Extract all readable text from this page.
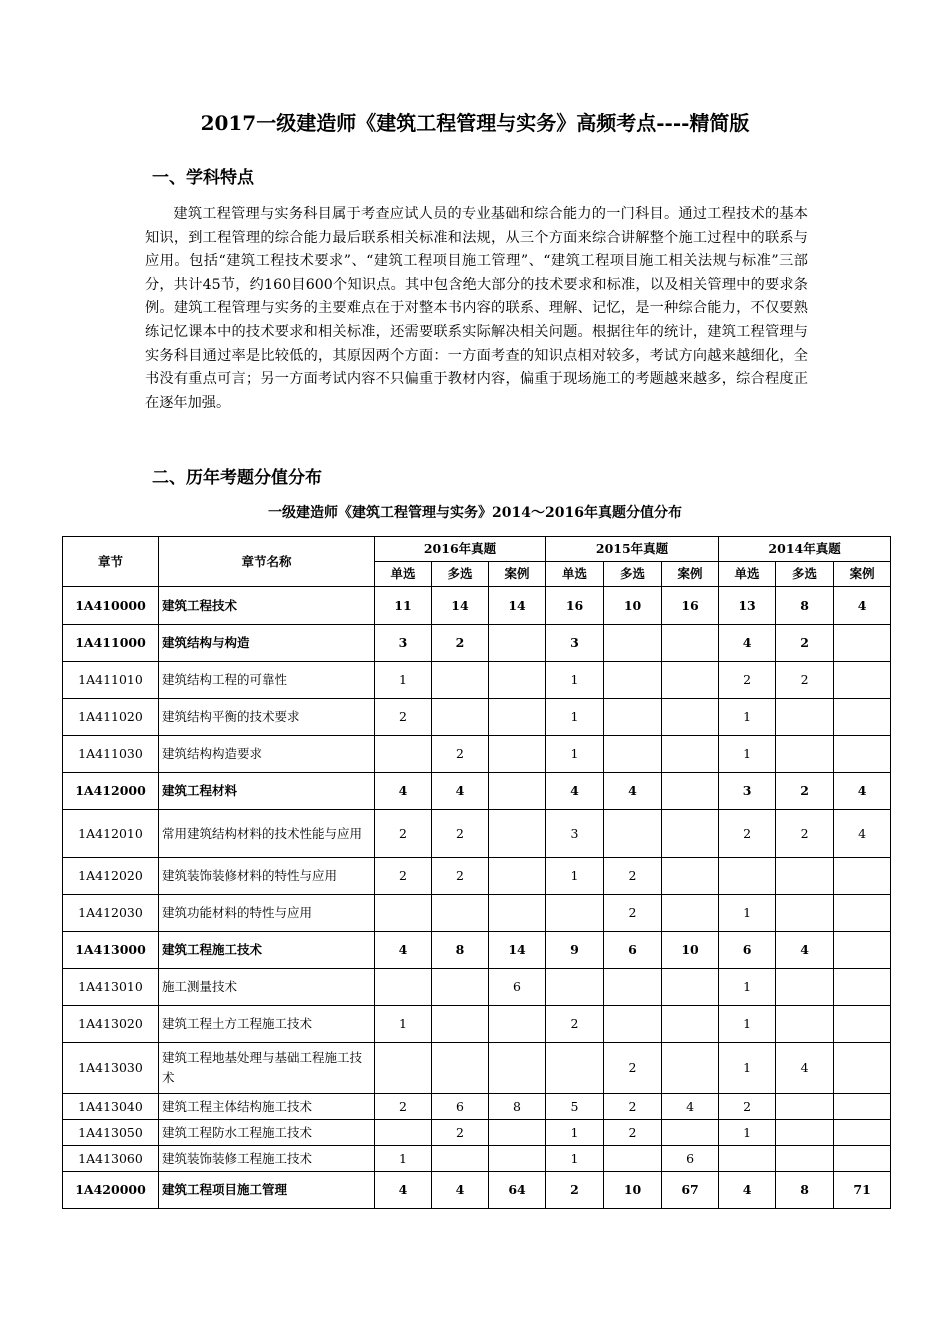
2017一级建造师《建筑工程管理与实务》高频考点----精简版
一、学科特点
建筑工程管理与实务科目属于考查应试人员的专业基础和综合能力的一门科目。通过工程技术的基本知识，到工程管理的综合能力最后联系相关标准和法规，从三个方面来综合讲解整个施工过程中的联系与应用。包括“建筑工程技术要求”、“建筑工程项目施工管理”、“建筑工程项目施工相关法规与标准”三部分，共计45节，约160目600个知识点。其中包含绝大部分的技术要求和标准，以及相关管理中的要求条例。建筑工程管理与实务的主要难点在于对整本书内容的联系、理解、记忆，是一种综合能力，不仅要熟练记忆课本中的技术要求和相关标准，还需要联系实际解决相关问题。根据往年的统计，建筑工程管理与实务科目通过率是比较低的，其原因两个方面：一方面考查的知识点相对较多，考试方向越来越细化，全书没有重点可言；另一方面考试内容不只偏重于教材内容，偏重于现场施工的考题越来越多，综合程度正在逐年加强。
二、历年考题分值分布
一级建造师《建筑工程管理与实务》2014～2016年真题分值分布
章节	章节名称	2016年真题			2015年真题			2014年真题		
		单选	多选	案例	单选	多选	案例	单选	多选	案例
1A410000	建筑工程技术	11	14	14	16	10	16	13	8	4
1A411000	建筑结构与构造	3	2		3			4	2	
1A411010	建筑结构工程的可靠性	1			1			2	2	
1A411020	建筑结构平衡的技术要求	2			1			1		
1A411030	建筑结构构造要求		2		1			1		
1A412000	建筑工程材料	4	4		4	4		3	2	4
1A412010	常用建筑结构材料的技术性能与应用	2	2		3			2	2	4
1A412020	建筑装饰装修材料的特性与应用	2	2		1	2				
1A412030	建筑功能材料的特性与应用					2		1		
1A413000	建筑工程施工技术	4	8	14	9	6	10	6	4	
1A413010	施工测量技术			6				1		
1A413020	建筑工程土方工程施工技术	1			2			1		
1A413030	建筑工程地基处理与基础工程施工技术					2		1	4	
1A413040	建筑工程主体结构施工技术	2	6	8	5	2	4	2		
1A413050	建筑工程防水工程施工技术		2		1	2		1		
1A413060	建筑装饰装修工程施工技术	1			1		6			
1A420000	建筑工程项目施工管理	4	4	64	2	10	67	4	8	71
